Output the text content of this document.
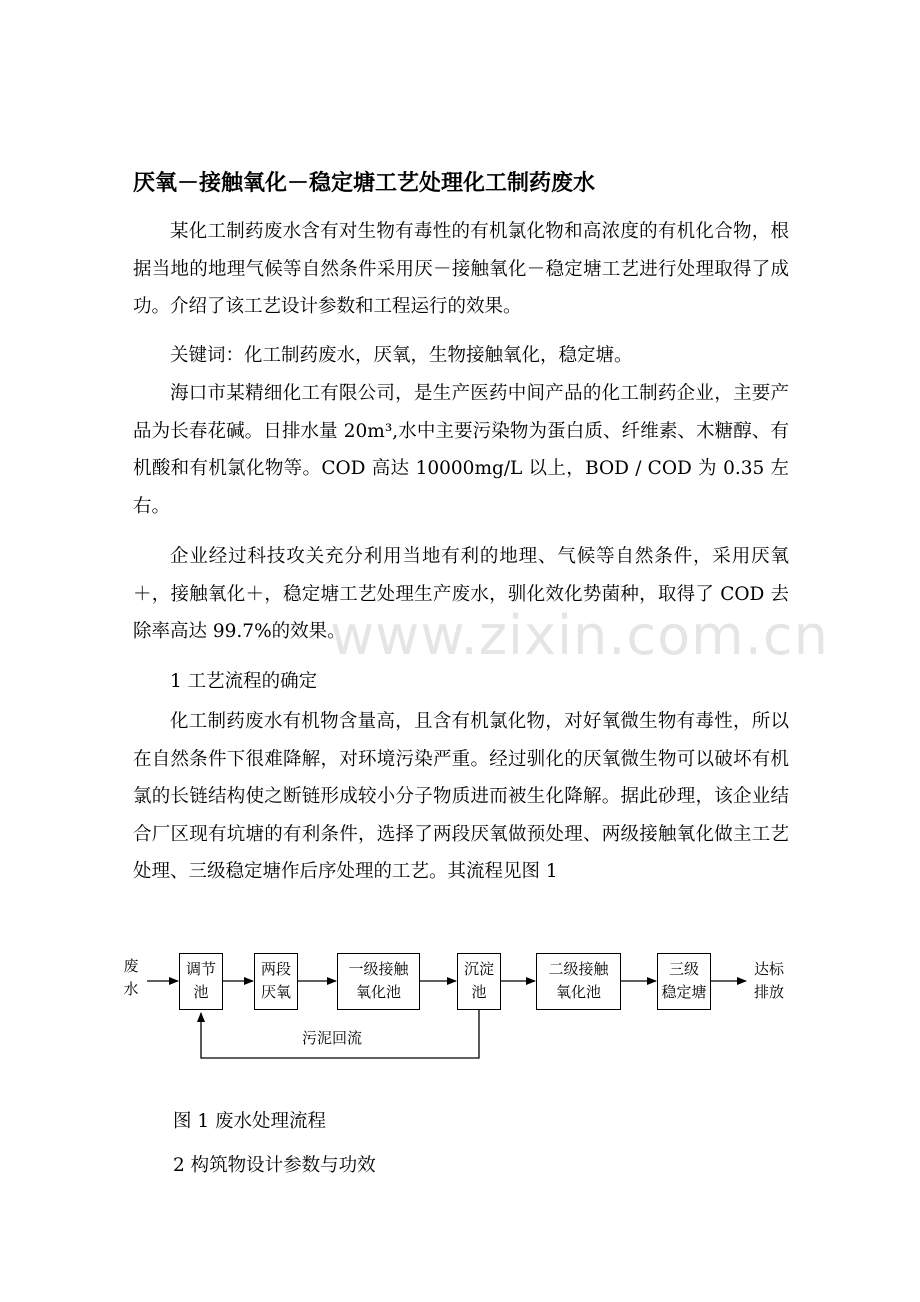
厌氧－接触氧化－稳定塘工艺处理化工制药废水

某化工制药废水含有对生物有毒性的有机氯化物和高浓度的有机化合物，根据当地的地理气候等自然条件采用厌－接触氧化－稳定塘工艺进行处理取得了成功。介绍了该工艺设计参数和工程运行的效果。

关键词：化工制药废水，厌氧，生物接触氧化，稳定塘。

海口市某精细化工有限公司，是生产医药中间产品的化工制药企业，主要产品为长春花碱。日排水量 20m³,水中主要污染物为蛋白质、纤维素、木糖醇、有机酸和有机氯化物等。COD 高达 10000mg/L 以上，BOD / COD 为 0.35 左右。

企业经过科技攻关充分利用当地有利的地理、气候等自然条件，采用厌氧＋，接触氧化＋，稳定塘工艺处理生产废水，驯化效化势菌种，取得了 COD 去除率高达 99.7%的效果。

1 工艺流程的确定

化工制药废水有机物含量高，且含有机氯化物，对好氧微生物有毒性，所以在自然条件下很难降解，对环境污染严重。经过驯化的厌氧微生物可以破坏有机氯的长链结构使之断链形成较小分子物质进而被生化降解。据此砂理，该企业结合厂区现有坑塘的有利条件，选择了两段厌氧做预处理、两级接触氧化做主工艺处理、三级稳定塘作后序处理的工艺。其流程见图 1

www.zixin.com.cn
废
水
调节
池
两段
厌氧
一级接触
氧化池
沉淀
池
二级接触
氧化池
三级
稳定塘
达标
排放
污泥回流

图 1 废水处理流程

2 构筑物设计参数与功效
